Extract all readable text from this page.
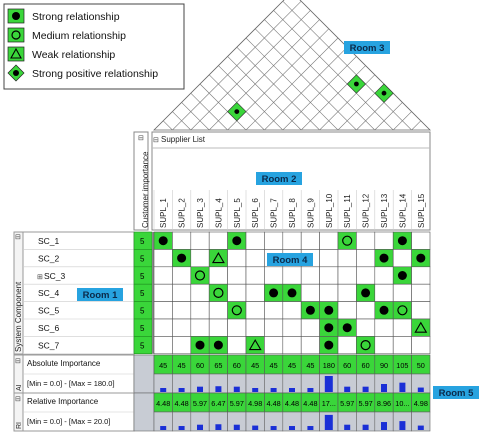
Strong relationship
Medium relationship
Weak relationship
Strong positive relationship
⊟ ⊟ Supplier List
Customer importance SUPL_1 SUPL_2 SUPL_3 SUPL_4 SUPL_5 SUPL_6 SUPL_7 SUPL_8 SUPL_9 SUPL_10 SUPL_11 SUPL_12 SUPL_13 SUPL_14 SUPL_15
⊟
System Component
SC_1
SC_2
⊞ SC_3
SC_4
SC_5
SC_6
SC_7
5
5
5
5
5
5
5
⊟
AI
Absolute Importance
[Min = 0.0] - [Max = 180.0]
45 45 60 65 60 45 45 45 45 180 60 60 90 105 50
⊟
RI
Relative Importance
[Min = 0.0] - [Max = 20.0]
4.48 4.48 5.97 6.47 5.97 4.98 4.48 4.48 4.48 17... 5.97 5.97 8.96 10... 4.98
Room 3
Room 2
Room 4
Room 1
Room 5
